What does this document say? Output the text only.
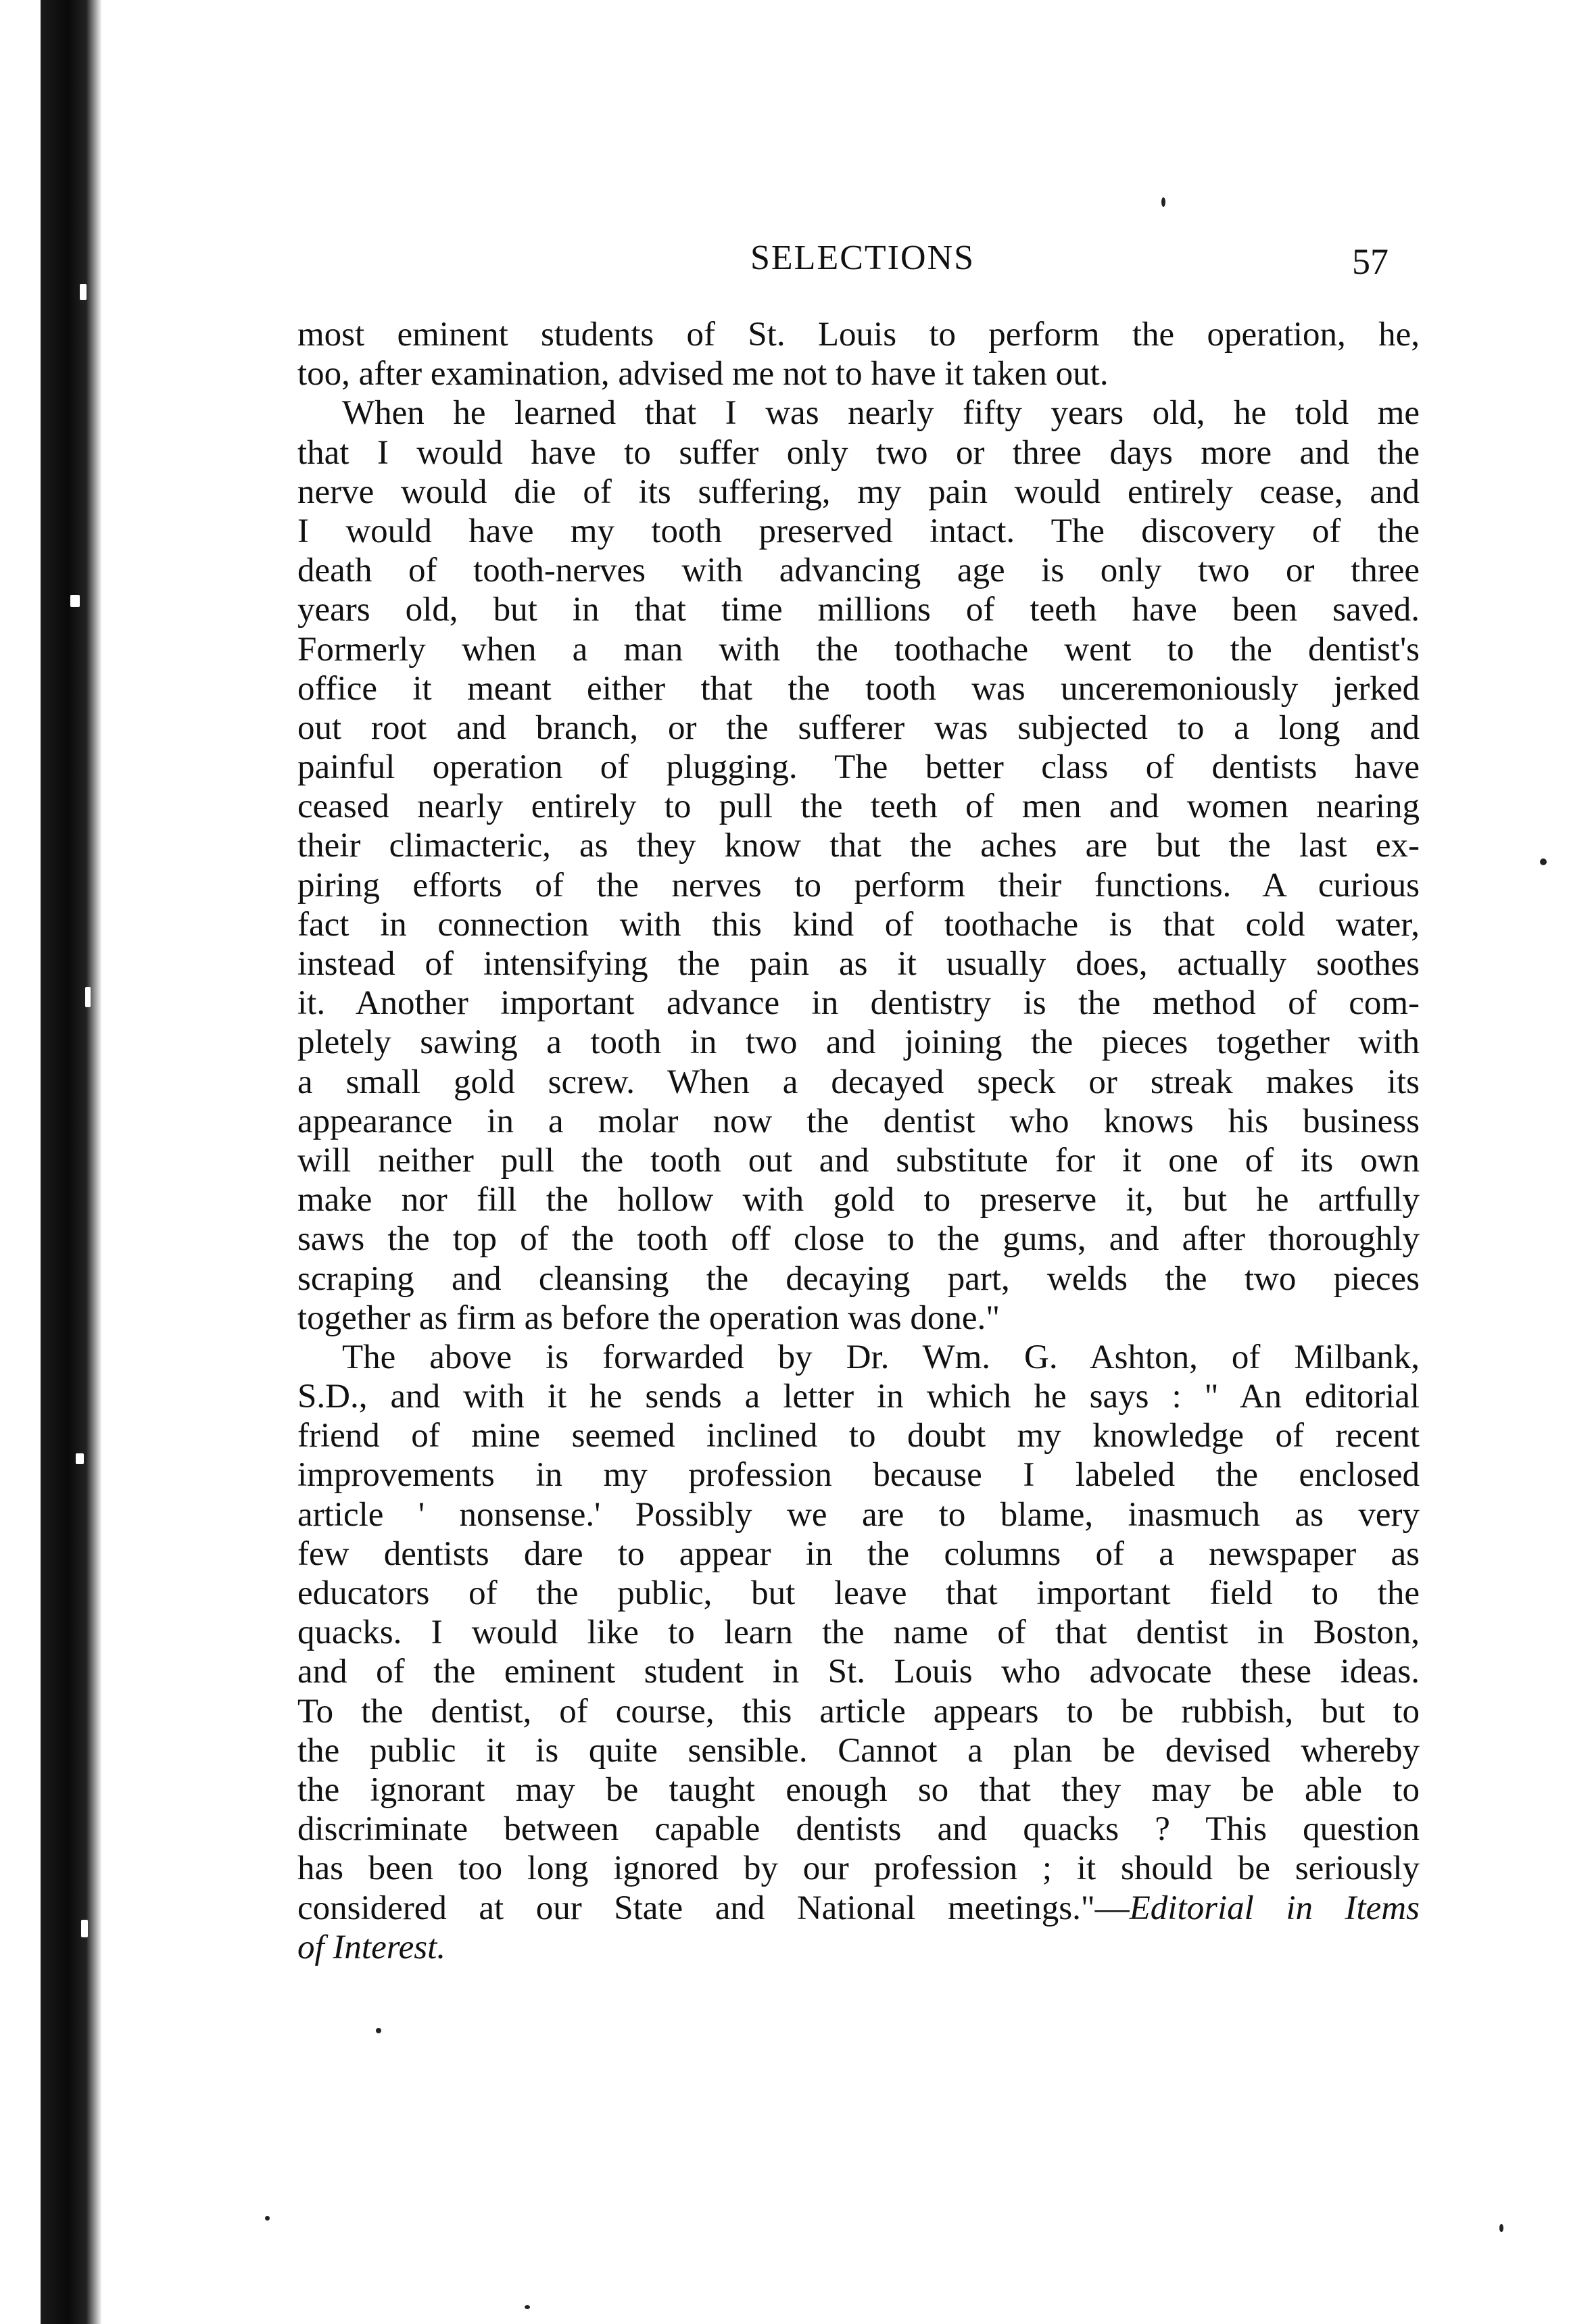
SELECTIONS	57
most eminent students of St. Louis to perform the operation, he,
too, after examination, advised me not to have it taken out.
When he learned that I was nearly fifty years old, he told me
that I would have to suffer only two or three days more and the
nerve would die of its suffering, my pain would entirely cease, and
I would have my tooth preserved intact. The discovery of the
death of tooth-nerves with advancing age is only two or three
years old, but in that time millions of teeth have been saved.
Formerly when a man with the toothache went to the dentist's
office it meant either that the tooth was unceremoniously jerked
out root and branch, or the sufferer was subjected to a long and
painful operation of plugging. The better class of dentists have
ceased nearly entirely to pull the teeth of men and women nearing
their climacteric, as they know that the aches are but the last ex-
piring efforts of the nerves to perform their functions. A curious
fact in connection with this kind of toothache is that cold water,
instead of intensifying the pain as it usually does, actually soothes
it. Another important advance in dentistry is the method of com-
pletely sawing a tooth in two and joining the pieces together with
a small gold screw. When a decayed speck or streak makes its
appearance in a molar now the dentist who knows his business
will neither pull the tooth out and substitute for it one of its own
make nor fill the hollow with gold to preserve it, but he artfully
saws the top of the tooth off close to the gums, and after thoroughly
scraping and cleansing the decaying part, welds the two pieces
together as firm as before the operation was done."
The above is forwarded by Dr. Wm. G. Ashton, of Milbank,
S.D., and with it he sends a letter in which he says : " An editorial
friend of mine seemed inclined to doubt my knowledge of recent
improvements in my profession because I labeled the enclosed
article ' nonsense.' Possibly we are to blame, inasmuch as very
few dentists dare to appear in the columns of a newspaper as
educators of the public, but leave that important field to the
quacks. I would like to learn the name of that dentist in Boston,
and of the eminent student in St. Louis who advocate these ideas.
To the dentist, of course, this article appears to be rubbish, but to
the public it is quite sensible. Cannot a plan be devised whereby
the ignorant may be taught enough so that they may be able to
discriminate between capable dentists and quacks ? This question
has been too long ignored by our profession ; it should be seriously
considered at our State and National meetings."—Editorial in Items
of Interest.
